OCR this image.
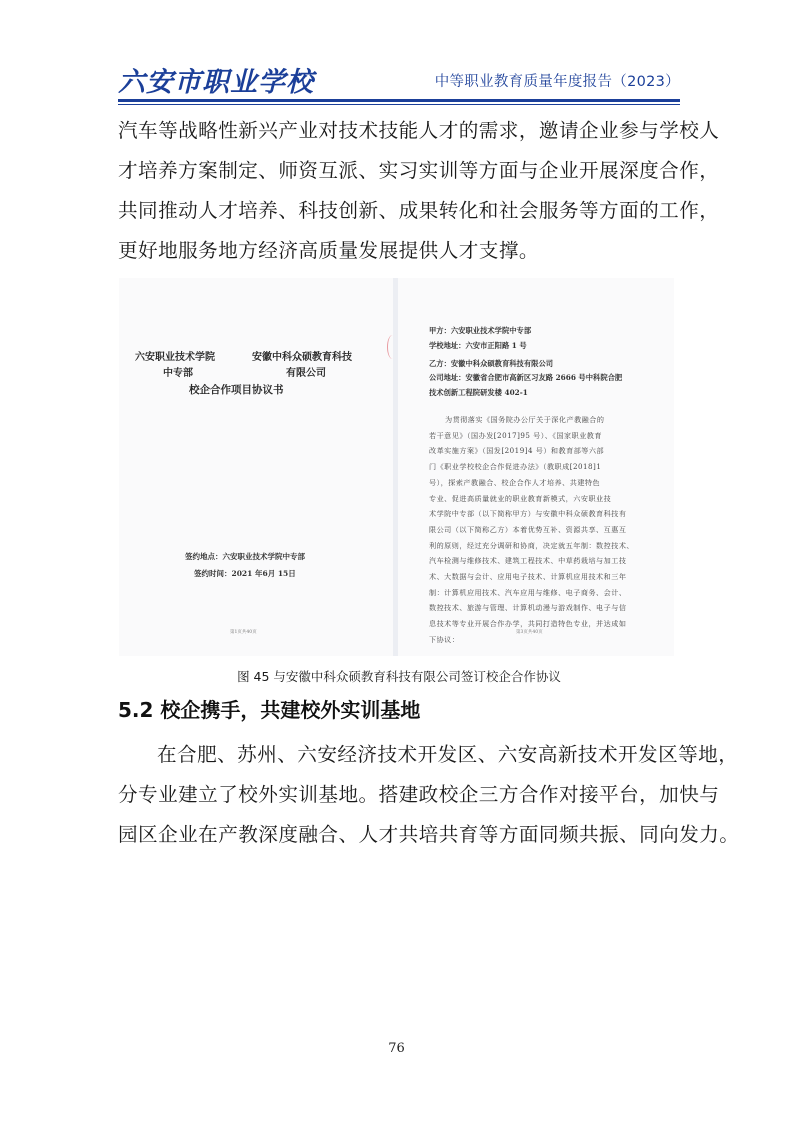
六安市职业学校	中等职业教育质量年度报告（2023）
汽车等战略性新兴产业对技术技能人才的需求，邀请企业参与学校人
才培养方案制定、师资互派、实习实训等方面与企业开展深度合作，
共同推动人才培养、科技创新、成果转化和社会服务等方面的工作，
更好地服务地方经济高质量发展提供人才支撑。
六安职业技术学院	安徽中科众硕教育科技
中专部	有限公司
校企合作项目协议书
签约地点：六安职业技术学院中专部
签约时间：2021 年6月 15日
第1页共40页
甲方：六安职业技术学院中专部
学校地址：六安市正阳路 1 号
乙方：安徽中科众硕教育科技有限公司
公司地址：安徽省合肥市高新区习友路 2666 号中科院合肥
技术创新工程院研发楼 402-1
为贯彻落实《国务院办公厅关于深化产教融合的
若干意见》（国办发[2017]95 号）、《国家职业教育
改革实施方案》（国发[2019]4 号）和教育部等六部
门《职业学校校企合作促进办法》（教职成[2018]1
号），探索产教融合、校企合作人才培养、共建特色
专业、促进高质量就业的职业教育新模式，六安职业技
术学院中专部（以下简称甲方）与安徽中科众硕教育科技有
限公司（以下简称乙方）本着优势互补、资源共享、互惠互
利的原则，经过充分调研和协商，决定就五年制：数控技术、
汽车检测与维修技术、建筑工程技术、中草药栽培与加工技
术、大数据与会计、应用电子技术、计算机应用技术和三年
制：计算机应用技术、汽车应用与维修、电子商务、会计、
数控技术、旅游与管理、计算机动漫与游戏制作、电子与信
息技术等专业开展合作办学，共同打造特色专业，并达成如
下协议：
第3页共40页
图 45 与安徽中科众硕教育科技有限公司签订校企合作协议
5.2 校企携手，共建校外实训基地
在合肥、苏州、六安经济技术开发区、六安高新技术开发区等地，
分专业建立了校外实训基地。搭建政校企三方合作对接平台，加快与
园区企业在产教深度融合、人才共培共育等方面同频共振、同向发力。
76
